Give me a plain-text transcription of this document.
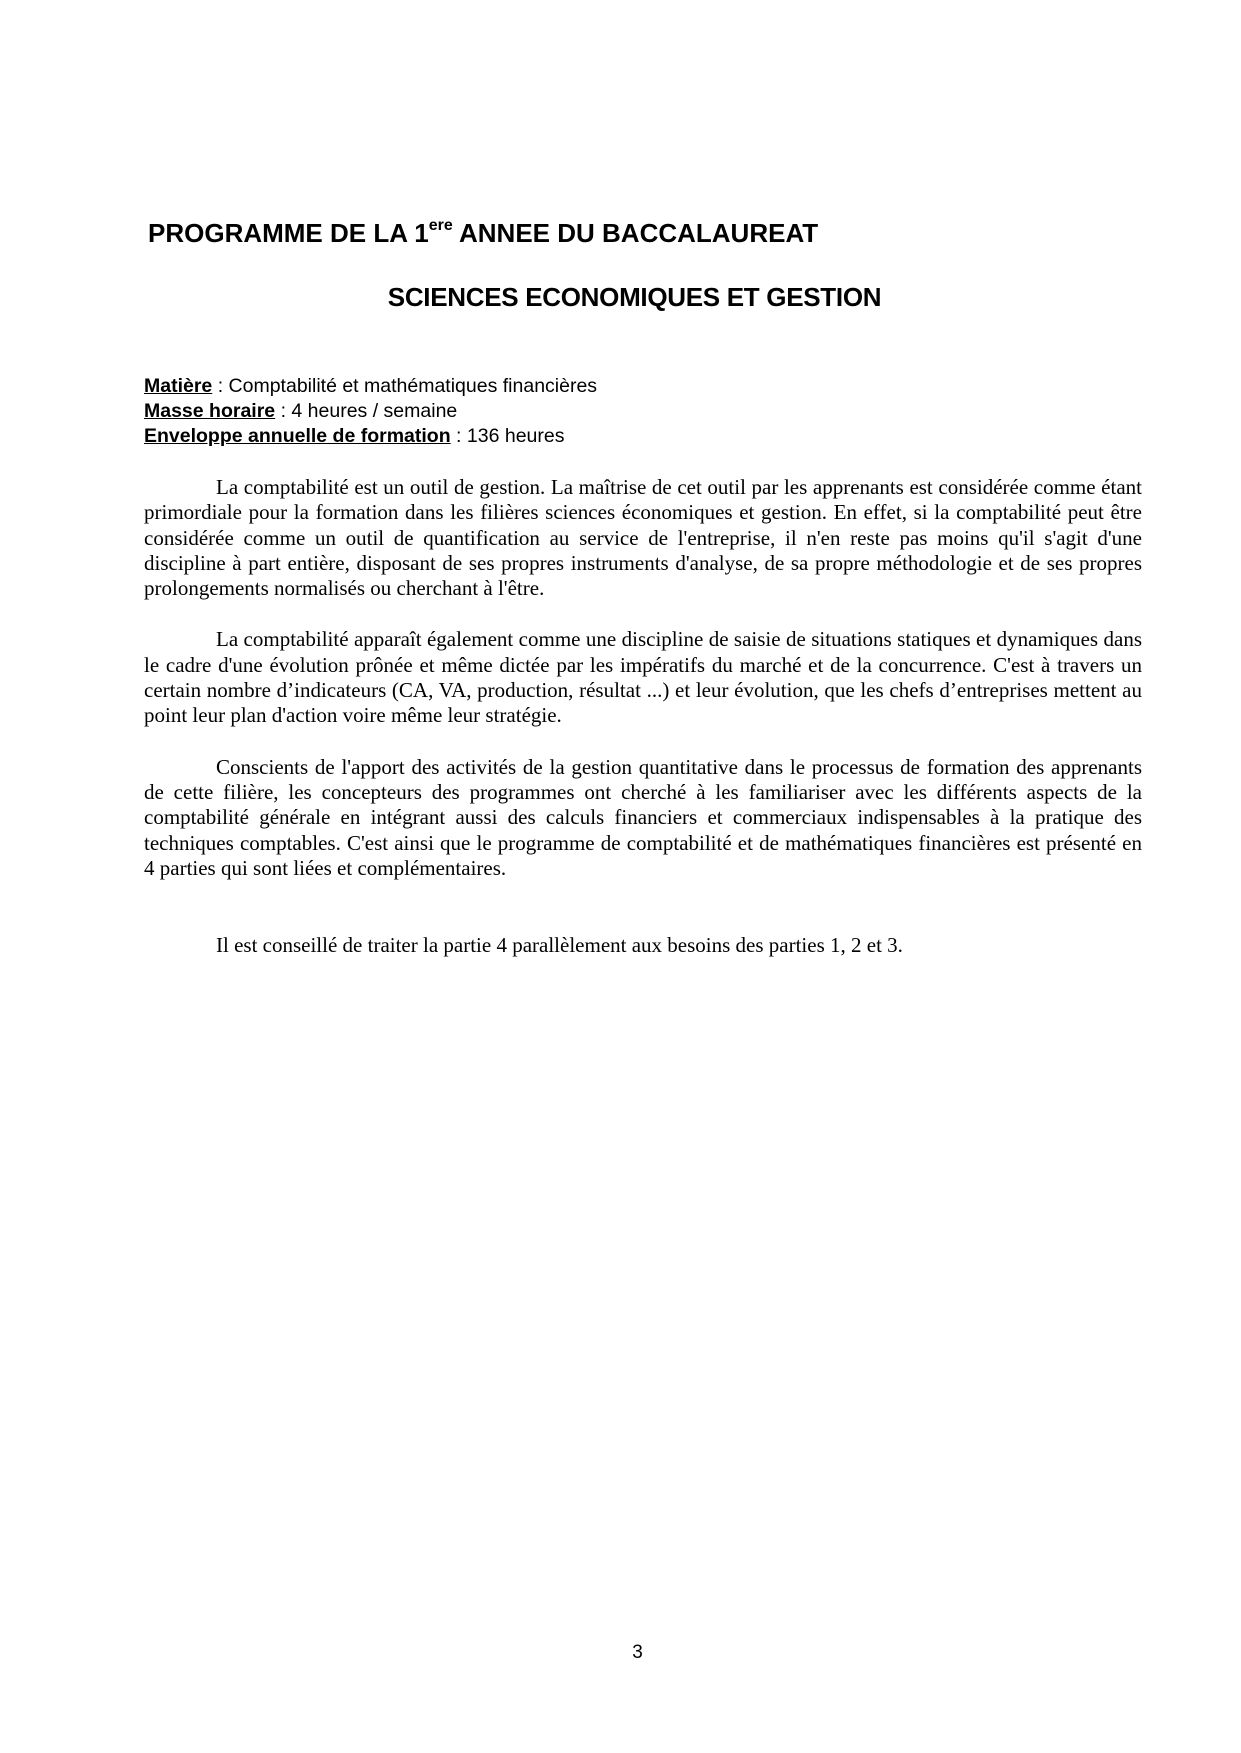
PROGRAMME DE LA 1ere ANNEE DU BACCALAUREAT
SCIENCES ECONOMIQUES ET GESTION
Matière : Comptabilité et mathématiques financières
Masse horaire : 4 heures / semaine
Enveloppe annuelle de formation : 136 heures

La comptabilité est un outil de gestion. La maîtrise de cet outil par les apprenants est considérée comme étant primordiale pour la formation dans les filières sciences économiques et gestion. En effet, si la comptabilité peut être considérée comme un outil de quantification au service de l'entreprise, il n'en reste pas moins qu'il s'agit d'une discipline à part entière, disposant de ses propres instruments d'analyse, de sa propre méthodologie et de ses propres prolongements normalisés ou cherchant à l'être.

La comptabilité apparaît également comme une discipline de saisie de situations statiques et dynamiques dans le cadre d'une évolution prônée et même dictée par les impératifs du marché et de la concurrence. C'est à travers un certain nombre d’indicateurs (CA, VA, production, résultat ...) et leur évolution, que les chefs d’entreprises mettent au point leur plan d'action voire même leur stratégie.

Conscients de l'apport des activités de la gestion quantitative dans le processus de formation des apprenants de cette filière, les concepteurs des programmes ont cherché à les familiariser avec les différents aspects de la comptabilité générale en intégrant aussi des calculs financiers et commerciaux indispensables à la pratique des techniques comptables. C'est ainsi que le programme de comptabilité et de mathématiques financières est présenté en 4 parties qui sont liées et complémentaires.

Il est conseillé de traiter la partie 4 parallèlement aux besoins des parties 1, 2 et 3.

3
